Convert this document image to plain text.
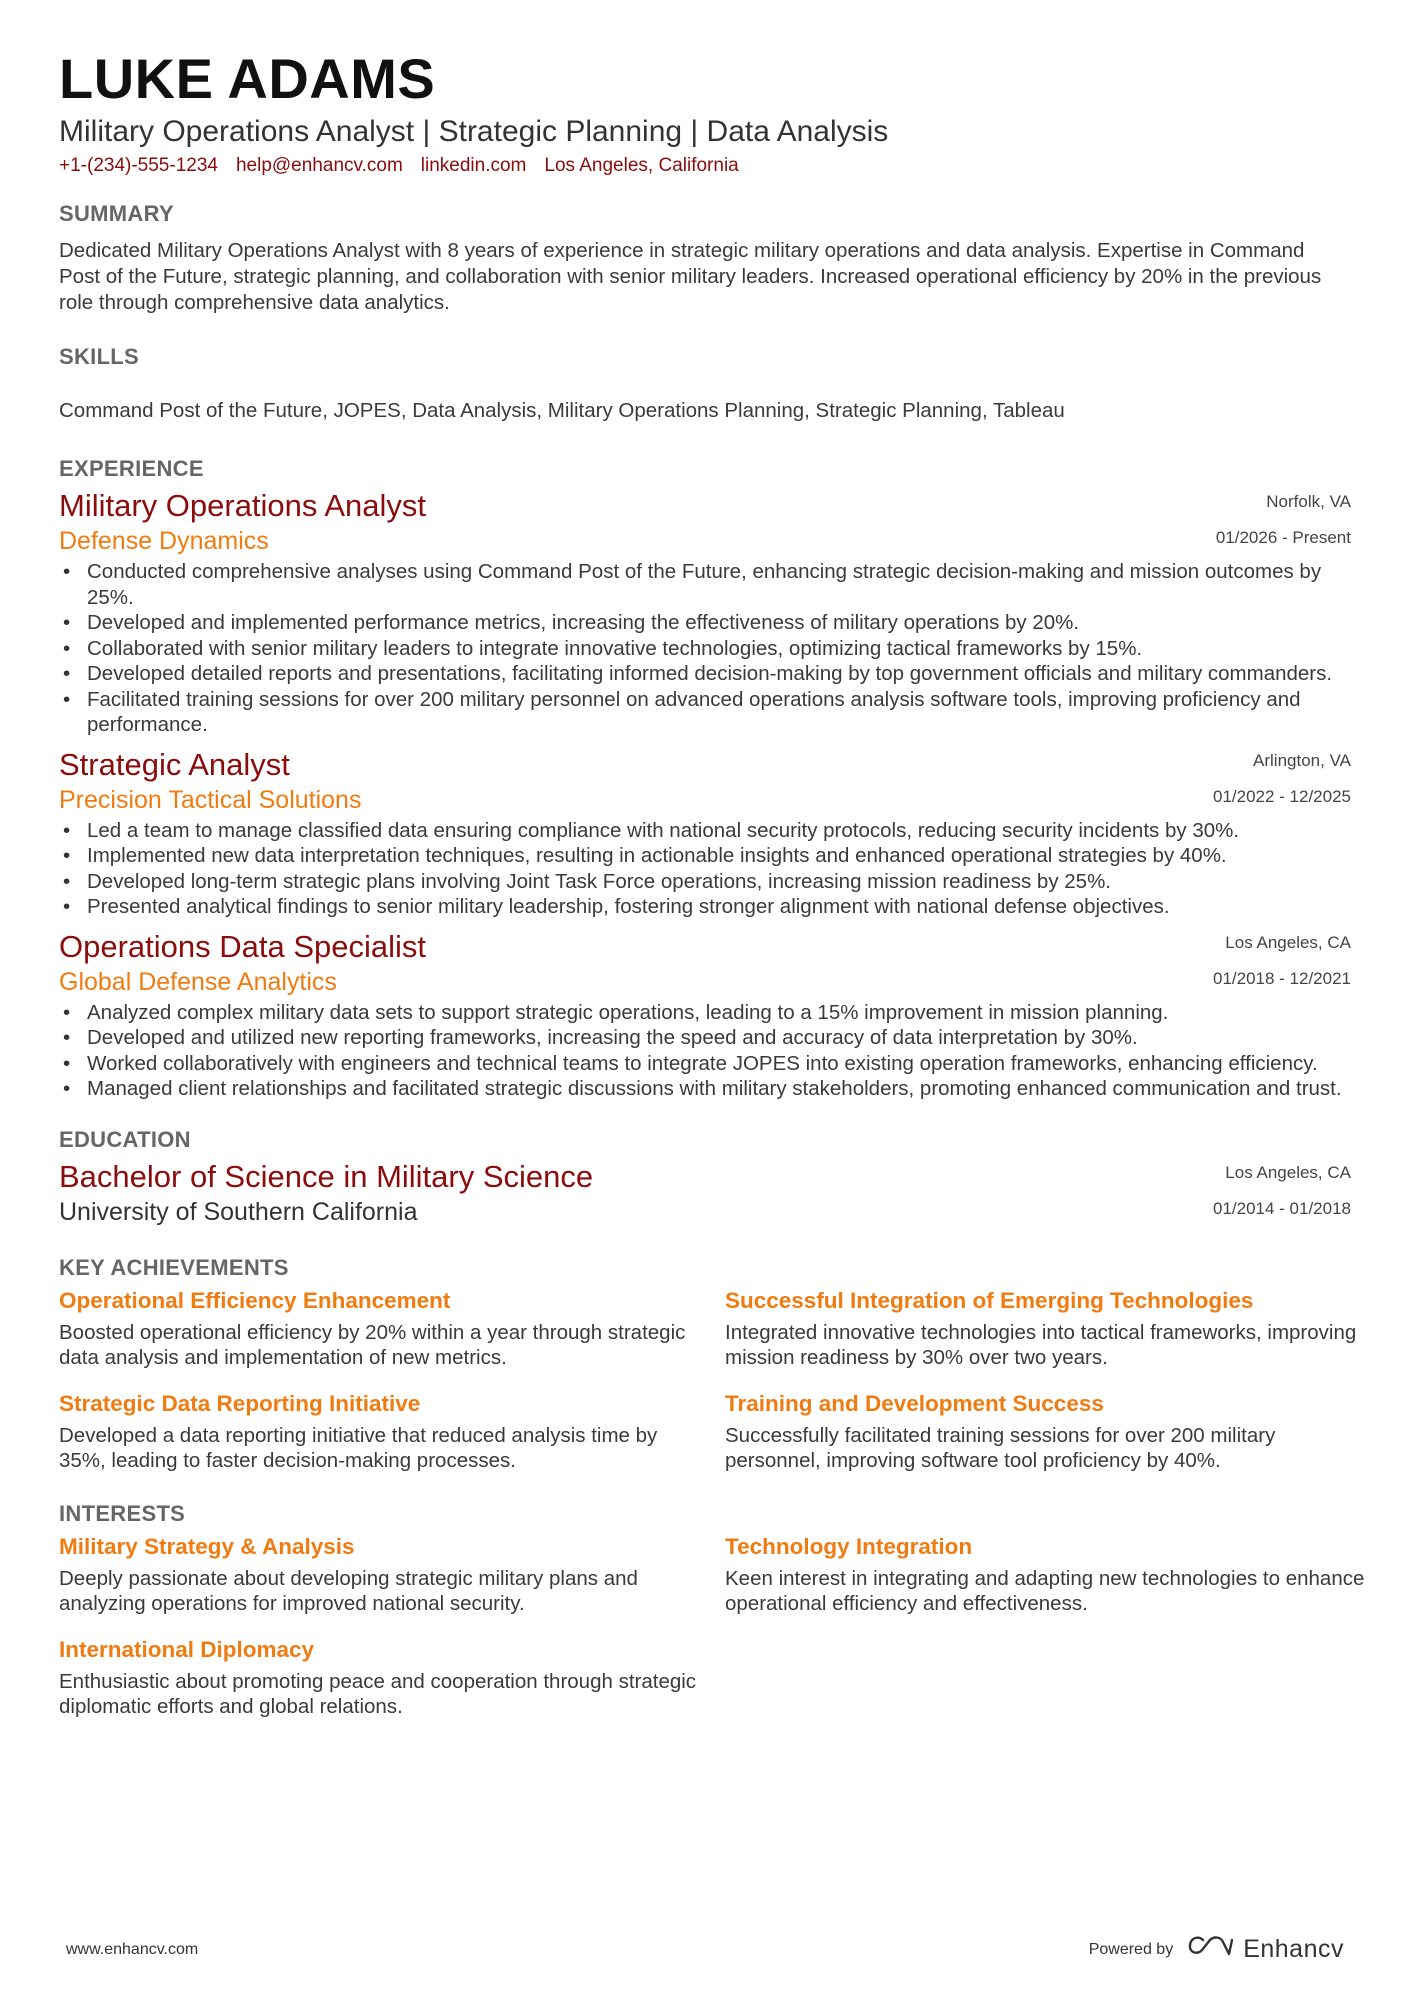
LUKE ADAMS
Military Operations Analyst | Strategic Planning | Data Analysis
+1-(234)-555-1234 help@enhancv.com linkedin.com Los Angeles, California
SUMMARY
Dedicated Military Operations Analyst with 8 years of experience in strategic military operations and data analysis. Expertise in Command Post of the Future, strategic planning, and collaboration with senior military leaders. Increased operational efficiency by 20% in the previous role through comprehensive data analytics.
SKILLS
Command Post of the Future, JOPES, Data Analysis, Military Operations Planning, Strategic Planning, Tableau
EXPERIENCE
Military Operations Analyst	Norfolk, VA
Defense Dynamics	01/2026 - Present
• Conducted comprehensive analyses using Command Post of the Future, enhancing strategic decision-making and mission outcomes by 25%.
• Developed and implemented performance metrics, increasing the effectiveness of military operations by 20%.
• Collaborated with senior military leaders to integrate innovative technologies, optimizing tactical frameworks by 15%.
• Developed detailed reports and presentations, facilitating informed decision-making by top government officials and military commanders.
• Facilitated training sessions for over 200 military personnel on advanced operations analysis software tools, improving proficiency and performance.
Strategic Analyst	Arlington, VA
Precision Tactical Solutions	01/2022 - 12/2025
• Led a team to manage classified data ensuring compliance with national security protocols, reducing security incidents by 30%.
• Implemented new data interpretation techniques, resulting in actionable insights and enhanced operational strategies by 40%.
• Developed long-term strategic plans involving Joint Task Force operations, increasing mission readiness by 25%.
• Presented analytical findings to senior military leadership, fostering stronger alignment with national defense objectives.
Operations Data Specialist	Los Angeles, CA
Global Defense Analytics	01/2018 - 12/2021
• Analyzed complex military data sets to support strategic operations, leading to a 15% improvement in mission planning.
• Developed and utilized new reporting frameworks, increasing the speed and accuracy of data interpretation by 30%.
• Worked collaboratively with engineers and technical teams to integrate JOPES into existing operation frameworks, enhancing efficiency.
• Managed client relationships and facilitated strategic discussions with military stakeholders, promoting enhanced communication and trust.
EDUCATION
Bachelor of Science in Military Science	Los Angeles, CA
University of Southern California	01/2014 - 01/2018
KEY ACHIEVEMENTS
Operational Efficiency Enhancement
Boosted operational efficiency by 20% within a year through strategic data analysis and implementation of new metrics.
Successful Integration of Emerging Technologies
Integrated innovative technologies into tactical frameworks, improving mission readiness by 30% over two years.
Strategic Data Reporting Initiative
Developed a data reporting initiative that reduced analysis time by 35%, leading to faster decision-making processes.
Training and Development Success
Successfully facilitated training sessions for over 200 military personnel, improving software tool proficiency by 40%.
INTERESTS
Military Strategy & Analysis
Deeply passionate about developing strategic military plans and analyzing operations for improved national security.
Technology Integration
Keen interest in integrating and adapting new technologies to enhance operational efficiency and effectiveness.
International Diplomacy
Enthusiastic about promoting peace and cooperation through strategic diplomatic efforts and global relations.
www.enhancv.com	Powered by	Enhancv
